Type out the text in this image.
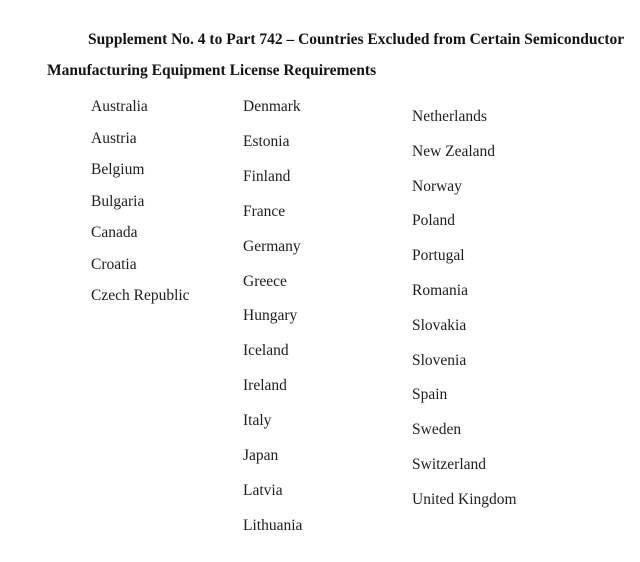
Supplement No. 4 to Part 742 – Countries Excluded from Certain Semiconductor
Manufacturing Equipment License Requirements
Australia
Austria
Belgium
Bulgaria
Canada
Croatia
Czech Republic
Denmark
Estonia
Finland
France
Germany
Greece
Hungary
Iceland
Ireland
Italy
Japan
Latvia
Lithuania
Netherlands
New Zealand
Norway
Poland
Portugal
Romania
Slovakia
Slovenia
Spain
Sweden
Switzerland
United Kingdom
